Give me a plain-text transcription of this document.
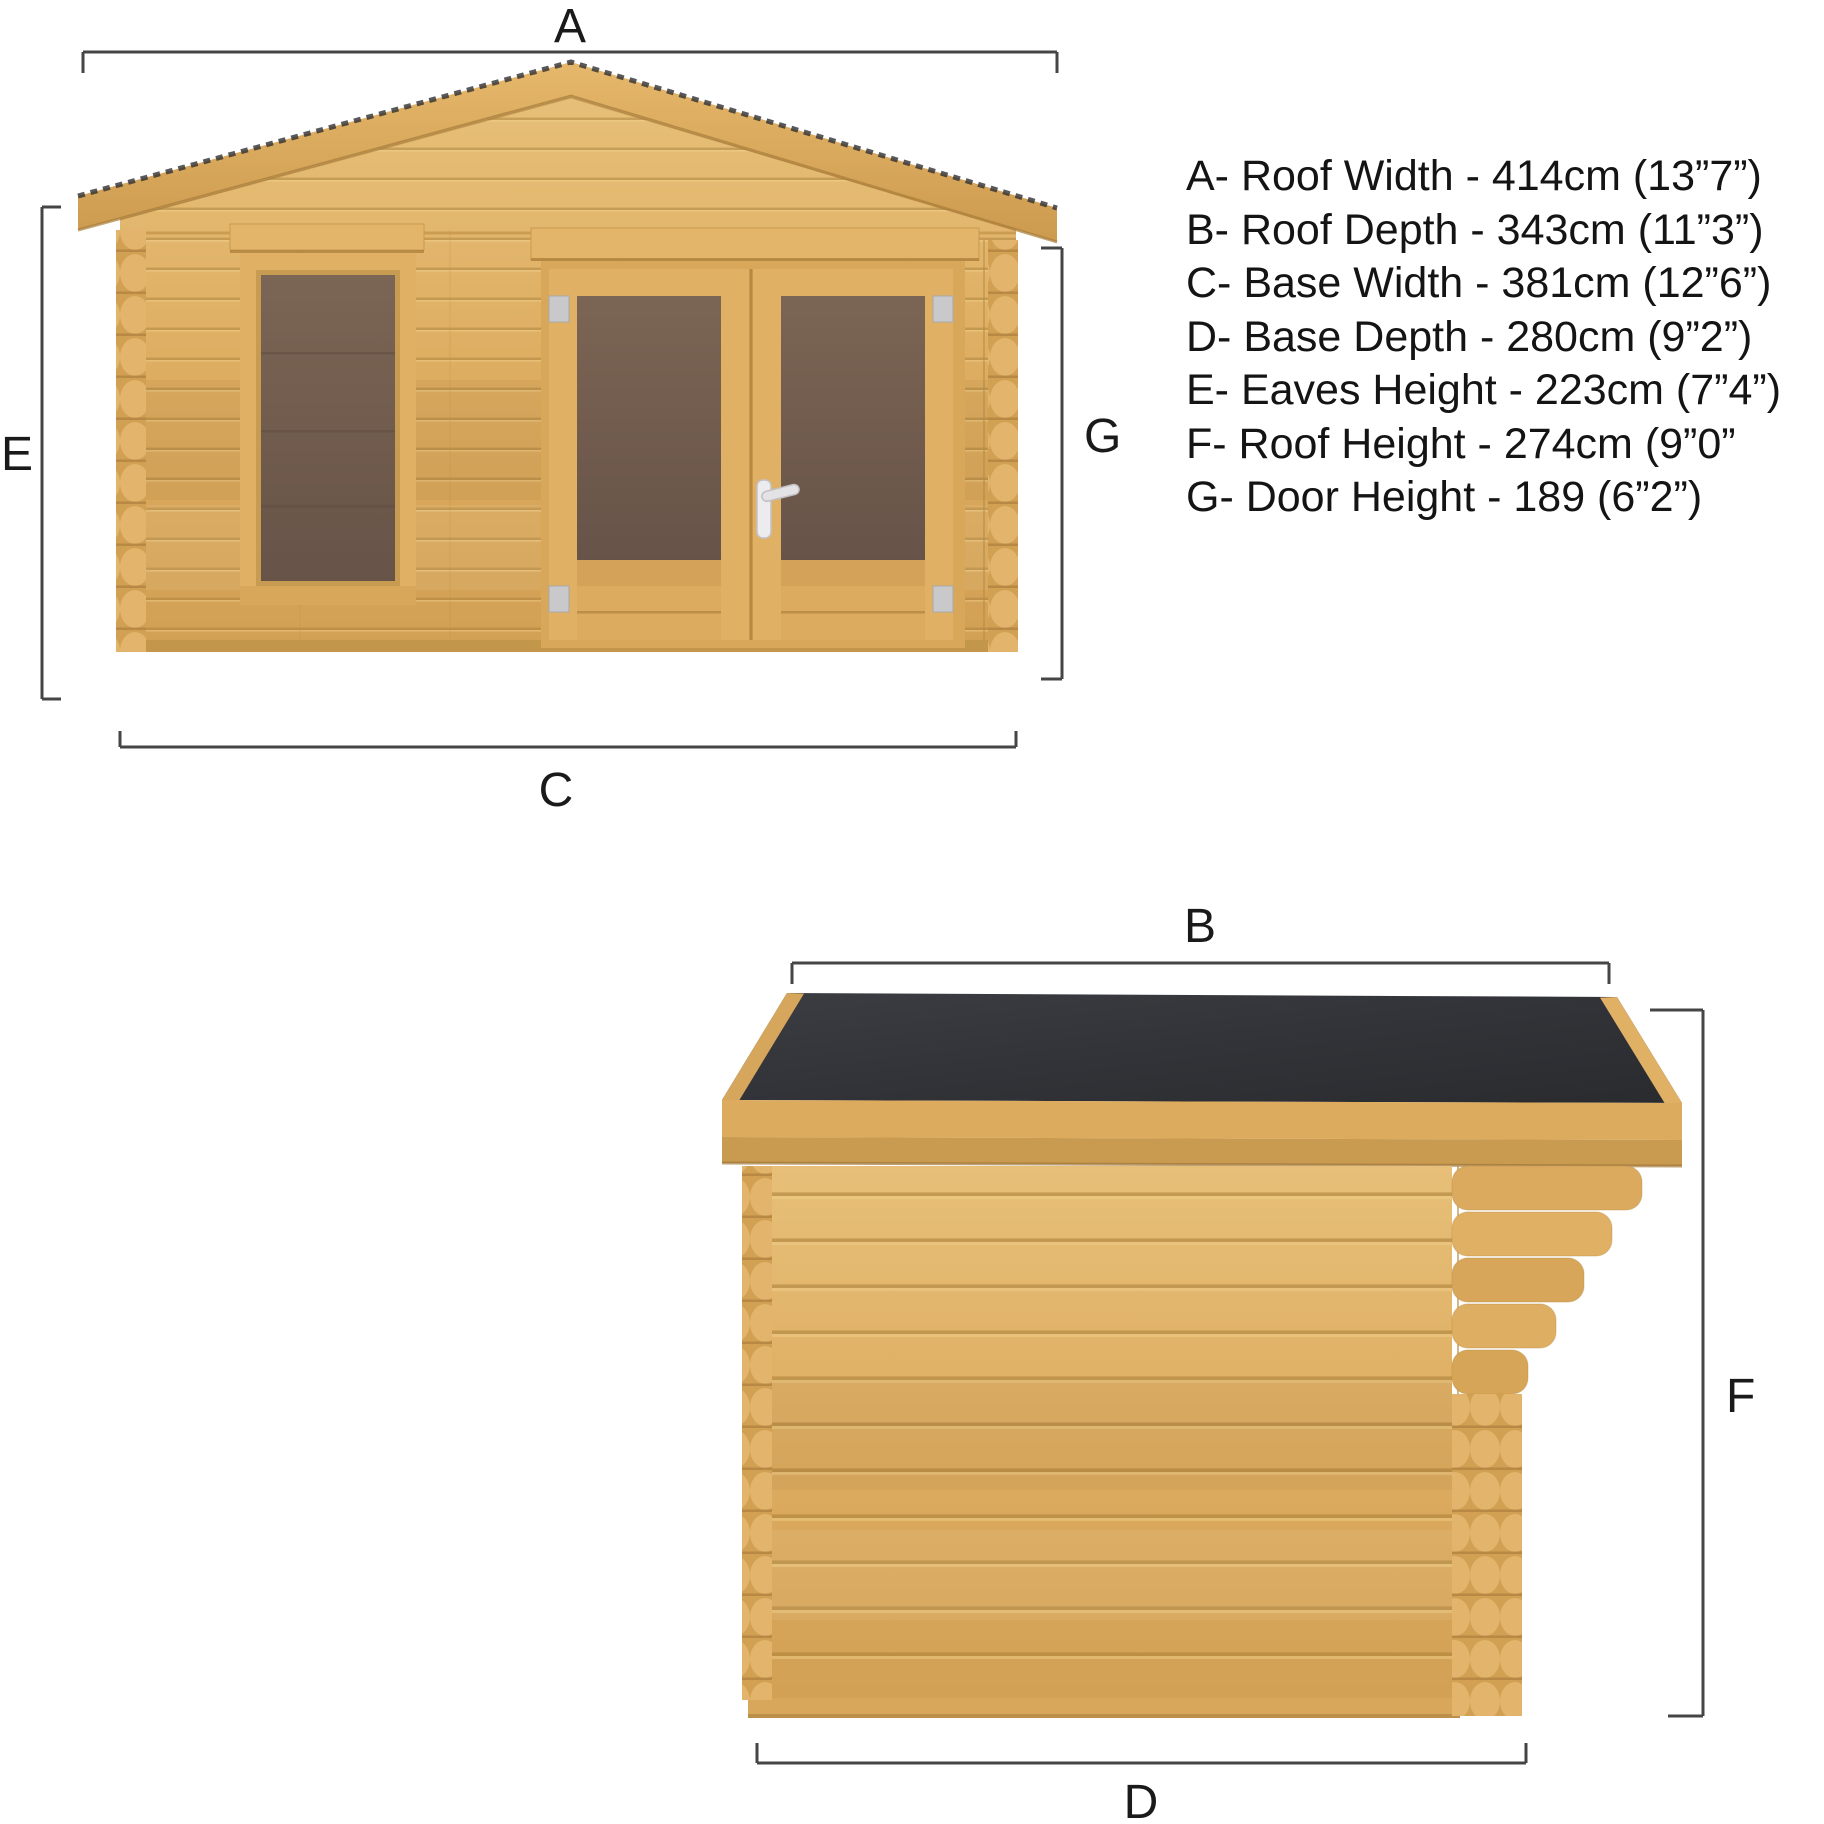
A
E	G
C
B
D
F
A- Roof Width - 414cm (13”7”)
B- Roof Depth - 343cm (11”3”)
C- Base Width - 381cm (12”6”)
D- Base Depth - 280cm (9”2”)
E- Eaves Height - 223cm (7”4”)
F- Roof Height - 274cm (9”0”
G- Door Height - 189 (6”2”)
